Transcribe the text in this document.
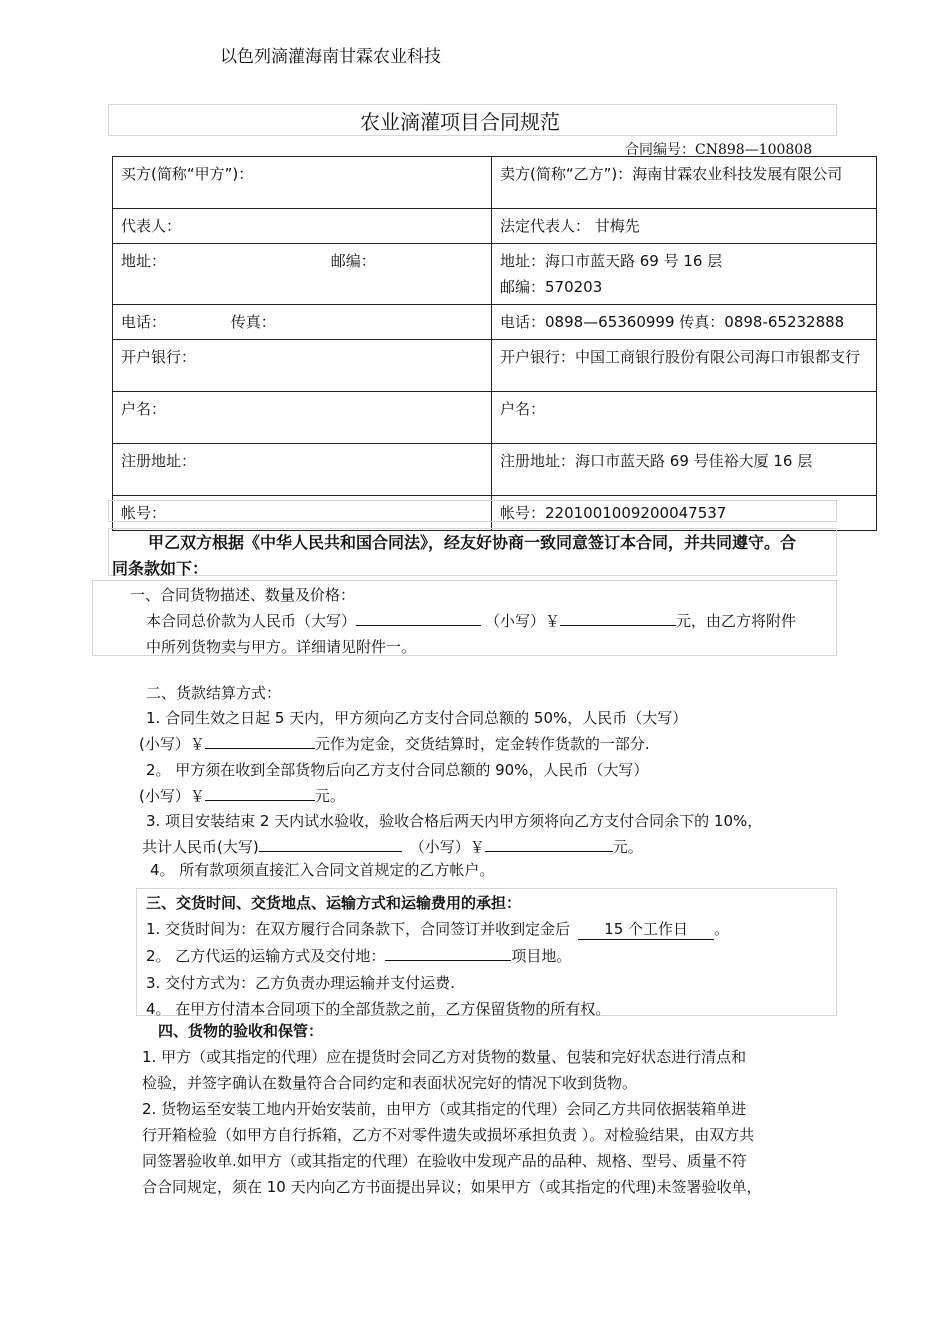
以色列滴灌海南甘霖农业科技
农业滴灌项目合同规范
合同编号：CN898—100808
买方(简称“甲方”)：	卖方(简称“乙方”)：海南甘霖农业科技发展有限公司
代表人：	法定代表人： 甘梅先
地址： 邮编：	地址：海口市蓝天路 69 号 16 层
邮编：570203

电话： 传真：	电话：0898—65360999 传真：0898-65232888
开户银行：	开户银行：中国工商银行股份有限公司海口市银都支行
户名：	户名：
注册地址：	注册地址：海口市蓝天路 69 号佳裕大厦 16 层
帐号：	帐号：2201001009200047537
甲乙双方根据《中华人民共和国合同法》，经友好协商一致同意签订本合同，并共同遵守。合
同条款如下：
一、合同货物描述、数量及价格：
本合同总价款为人民币（大写）	（小写）￥	元，由乙方将附件
中所列货物卖与甲方。详细请见附件一。
二、货款结算方式：
1. 合同生效之日起 5 天内，甲方须向乙方支付合同总额的 50%，人民币（大写）
(小写）￥	元作为定金，交货结算时，定金转作货款的一部分.
2。 甲方须在收到全部货物后向乙方支付合同总额的 90%，人民币（大写）
(小写）￥	元。
3. 项目安装结束 2 天内试水验收，验收合格后两天内甲方须将向乙方支付合同余下的 10%，
共计人民币(大写)	（小写）￥	元。
4。 所有款项须直接汇入合同文首规定的乙方帐户。
三、交货时间、交货地点、运输方式和运输费用的承担：
1. 交货时间为：在双方履行合同条款下，合同签订并收到定金后 15 个工作日 。
2。 乙方代运的运输方式及交付地：	项目地。
3. 交付方式为：乙方负责办理运输并支付运费.
4。 在甲方付清本合同项下的全部货款之前，乙方保留货物的所有权。
四、货物的验收和保管：
1. 甲方（或其指定的代理）应在提货时会同乙方对货物的数量、包装和完好状态进行清点和
检验，并签字确认在数量符合合同约定和表面状况完好的情况下收到货物。
2. 货物运至安装工地内开始安装前，由甲方（或其指定的代理）会同乙方共同依据装箱单进
行开箱检验（如甲方自行拆箱，乙方不对零件遗失或损坏承担负责 ）。对检验结果，由双方共
同签署验收单.如甲方（或其指定的代理）在验收中发现产品的品种、规格、型号、质量不符
合合同规定，须在 10 天内向乙方书面提出异议；如果甲方（或其指定的代理)未签署验收单，
